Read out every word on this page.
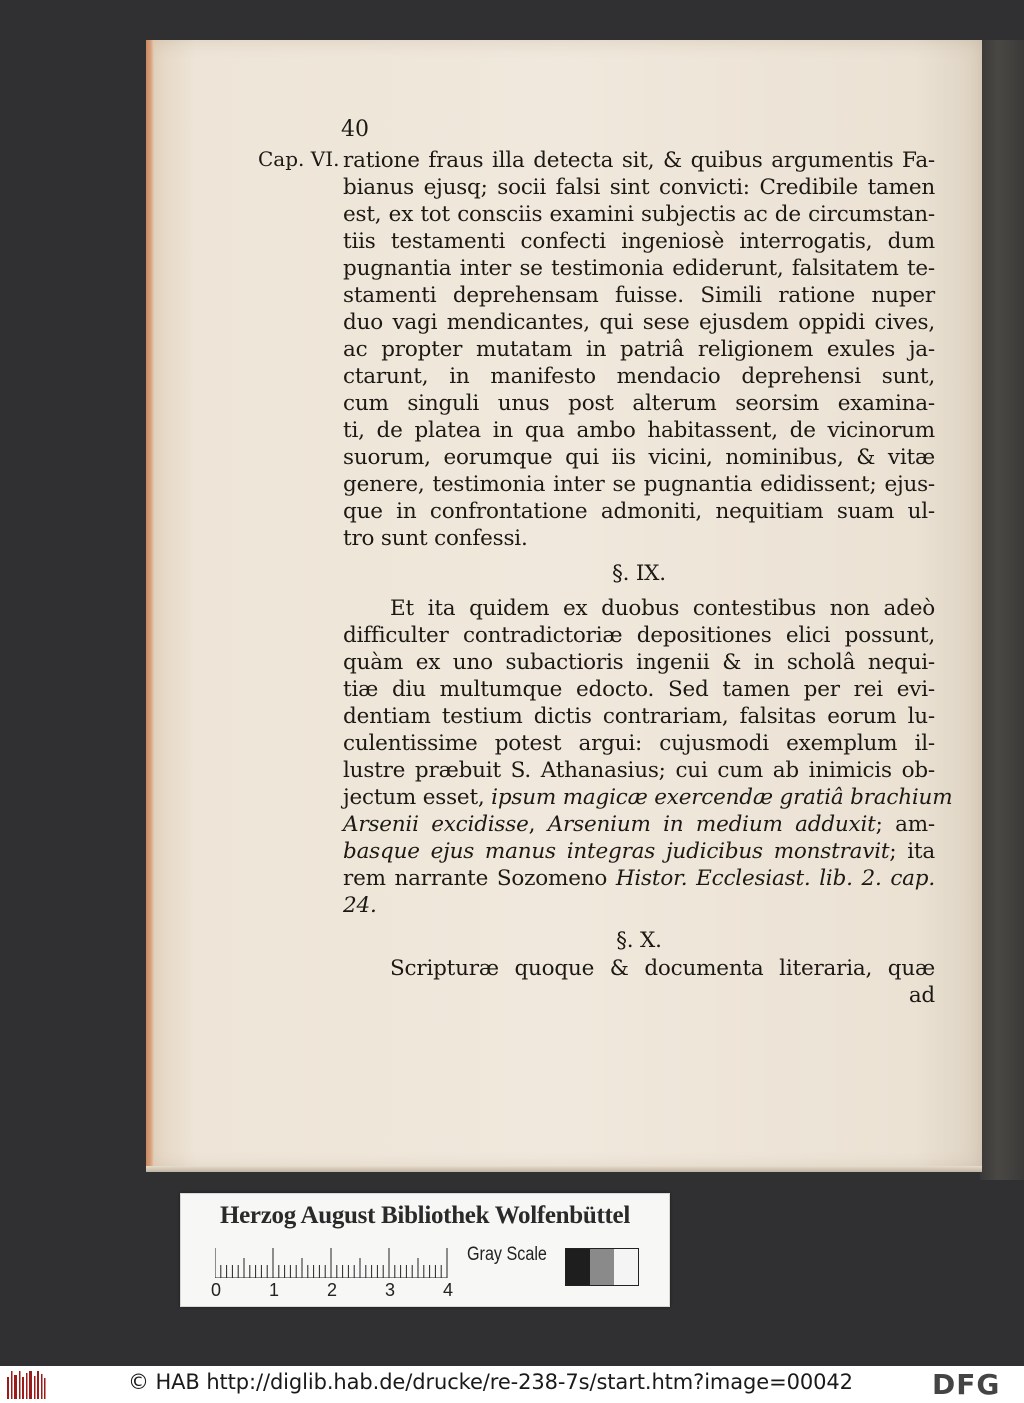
40
Cap. VI. ratione fraus illa detecta sit, & quibus argumentis Fa-
bianus ejusq; socii falsi sint convicti: Credibile tamen
est, ex tot consciis examini subjectis ac de circumstan-
tiis testamenti confecti ingeniosè interrogatis, dum
pugnantia inter se testimonia ediderunt, falsitatem te-
stamenti deprehensam fuisse. Simili ratione nuper
duo vagi mendicantes, qui sese ejusdem oppidi cives,
ac propter mutatam in patriâ religionem exules ja-
ctarunt, in manifesto mendacio deprehensi sunt,
cum singuli unus post alterum seorsim examina-
ti, de platea in qua ambo habitassent, de vicinorum
suorum, eorumque qui iis vicini, nominibus, & vitæ
genere, testimonia inter se pugnantia edidissent; ejus-
que in confrontatione admoniti, nequitiam suam ul-
tro sunt confessi.
§. IX.
Et ita quidem ex duobus contestibus non adeò
difficulter contradictoriæ depositiones elici possunt,
quàm ex uno subactioris ingenii & in scholâ nequi-
tiæ diu multumque edocto. Sed tamen per rei evi-
dentiam testium dictis contrariam, falsitas eorum lu-
culentissime potest argui: cujusmodi exemplum il-
lustre præbuit S. Athanasius; cui cum ab inimicis ob-
jectum esset, ipsum magicæ exercendæ gratiâ brachium
Arsenii excidisse, Arsenium in medium adduxit; am-
basque ejus manus integras judicibus monstravit; ita
rem narrante Sozomeno Histor. Ecclesiast. lib. 2. cap.
24.
§. X.
Scripturæ quoque & documenta literaria, quæ
ad
Herzog August Bibliothek Wolfenbüttel
0	1	2	3	4
Gray Scale
© HAB http://diglib.hab.de/drucke/re-238-7s/start.htm?image=00042	DFG
